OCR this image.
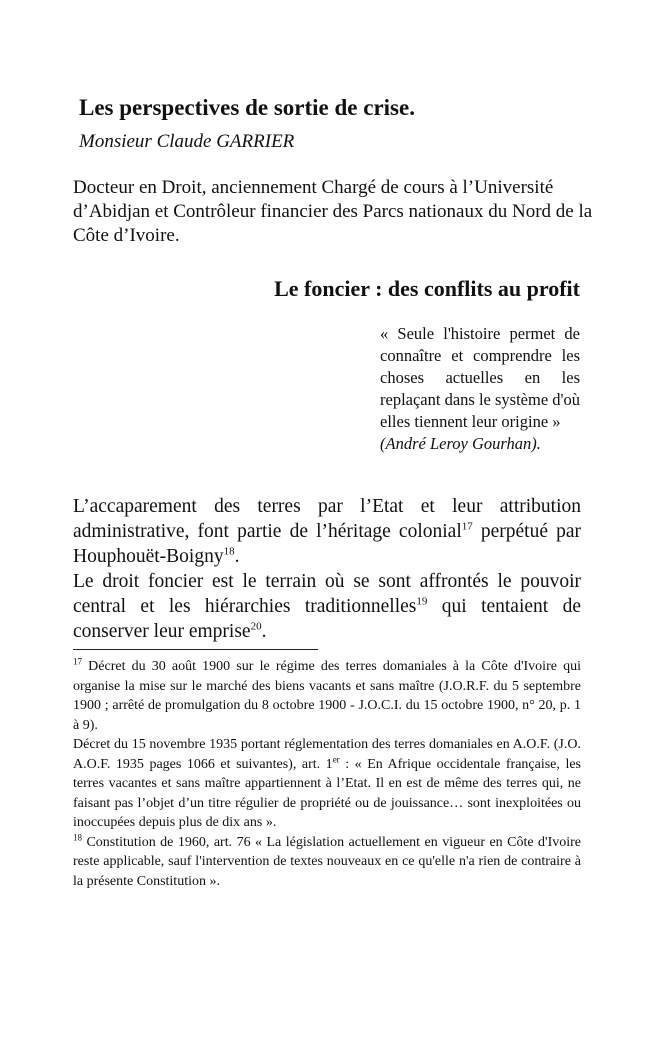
Les perspectives de sortie de crise.
Monsieur Claude GARRIER

Docteur en Droit, anciennement Chargé de cours à l’Université d’Abidjan et Contrôleur financier des Parcs nationaux du Nord de la Côte d’Ivoire.

Le foncier : des conflits au profit
« Seule l'histoire permet de connaître et comprendre les choses actuelles en les replaçant dans le système d'où elles tiennent leur origine »
(André Leroy Gourhan).

L’accaparement des terres par l’Etat et leur attribution administrative, font partie de l’héritage colonial$^{17}$ perpétué par Houphouët-Boigny$^{18}$.

Le droit foncier est le terrain où se sont affrontés le pouvoir central et les hiérarchies traditionnelles$^{19}$ qui tentaient de conserver leur emprise$^{20}$.

$^{17}$ Décret du 30 août 1900 sur le régime des terres domaniales à la Côte d'Ivoire qui organise la mise sur le marché des biens vacants et sans maître (J.O.R.F. du 5 septembre 1900 ; arrêté de promulgation du 8 octobre 1900 - J.O.C.I. du 15 octobre 1900, n° 20, p. 1 à 9).

Décret du 15 novembre 1935 portant réglementation des terres domaniales en A.O.F. (J.O. A.O.F. 1935 pages 1066 et suivantes), art. 1er : « En Afrique occidentale française, les terres vacantes et sans maître appartiennent à l’Etat. Il en est de même des terres qui, ne faisant pas l’objet d’un titre régulier de propriété ou de jouissance… sont inexploitées ou inoccupées depuis plus de dix ans ».

$^{18}$ Constitution de 1960, art. 76 « La législation actuellement en vigueur en Côte d'Ivoire reste applicable, sauf l'intervention de textes nouveaux en ce qu'elle n'a rien de contraire à la présente Constitution ».
